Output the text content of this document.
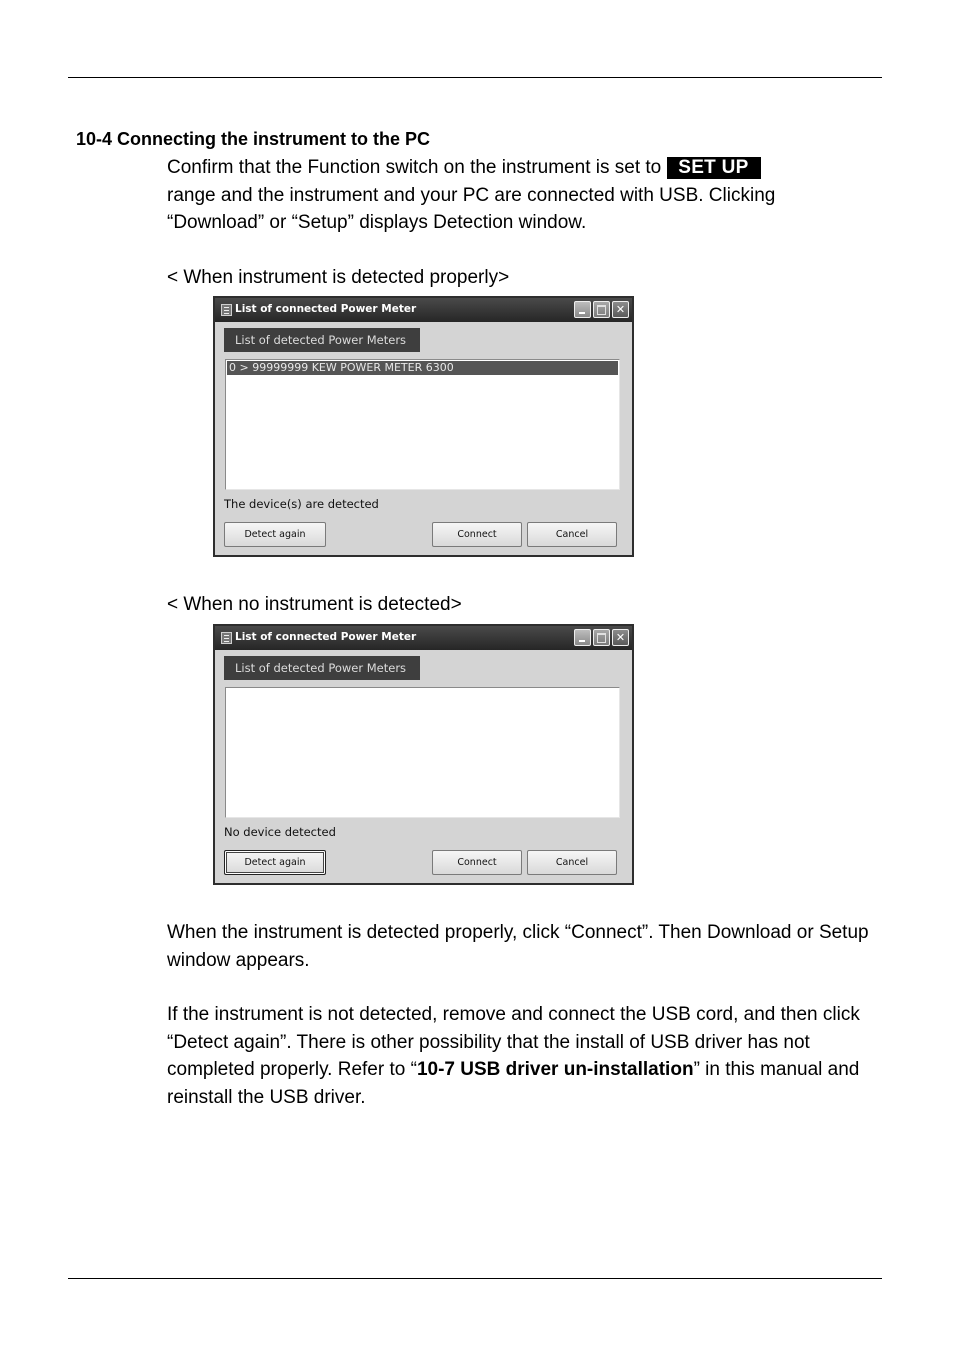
10-4 Connecting the instrument to the PC

Confirm that the Function switch on the instrument is set to SET UP
range and the instrument and your PC are connected with USB. Clicking “Download” or “Setup” displays Detection window.

< When instrument is detected properly>

List of connected Power Meter	✕
List of detected Power Meters
0 > 99999999 KEW POWER METER 6300
The device(s) are detected
Detect again	Connect	Cancel

< When no instrument is detected>

List of connected Power Meter	✕
List of detected Power Meters
No device detected
Detect again	Connect	Cancel

When the instrument is detected properly, click “Connect”. Then Download or Setup window appears.

If the instrument is not detected, remove and connect the USB cord, and then click “Detect again”. There is other possibility that the install of USB driver has not completed properly. Refer to “10-7 USB driver un-installation” in this manual and reinstall the USB driver.
